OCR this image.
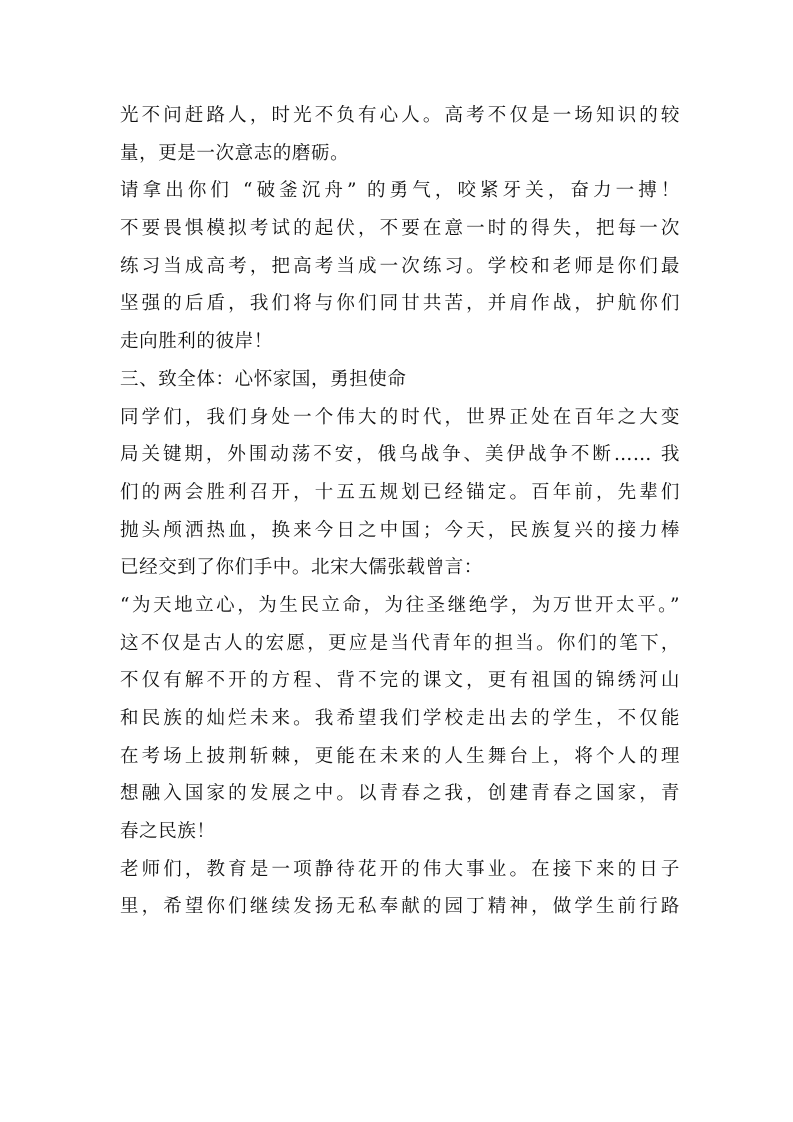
光不问赶路人，时光不负有心人。高考不仅是一场知识的较
量，更是一次意志的磨砺。
请拿出你们 “破釜沉舟” 的勇气，咬紧牙关，奋力一搏！
不要畏惧模拟考试的起伏，不要在意一时的得失，把每一次
练习当成高考，把高考当成一次练习。学校和老师是你们最
坚强的后盾，我们将与你们同甘共苦，并肩作战，护航你们
走向胜利的彼岸！
三、致全体：心怀家国，勇担使命
同学们，我们身处一个伟大的时代，世界正处在百年之大变
局关键期，外围动荡不安，俄乌战争、美伊战争不断…… 我
们的两会胜利召开，十五五规划已经锚定。百年前，先辈们
抛头颅洒热血，换来今日之中国；今天，民族复兴的接力棒
已经交到了你们手中。北宋大儒张载曾言：
“为天地立心，为生民立命，为往圣继绝学，为万世开太平。”
这不仅是古人的宏愿，更应是当代青年的担当。你们的笔下，
不仅有解不开的方程、背不完的课文，更有祖国的锦绣河山
和民族的灿烂未来。我希望我们学校走出去的学生，不仅能
在考场上披荆斩棘，更能在未来的人生舞台上，将个人的理
想融入国家的发展之中。以青春之我，创建青春之国家，青
春之民族！
老师们，教育是一项静待花开的伟大事业。在接下来的日子
里，希望你们继续发扬无私奉献的园丁精神，做学生前行路
